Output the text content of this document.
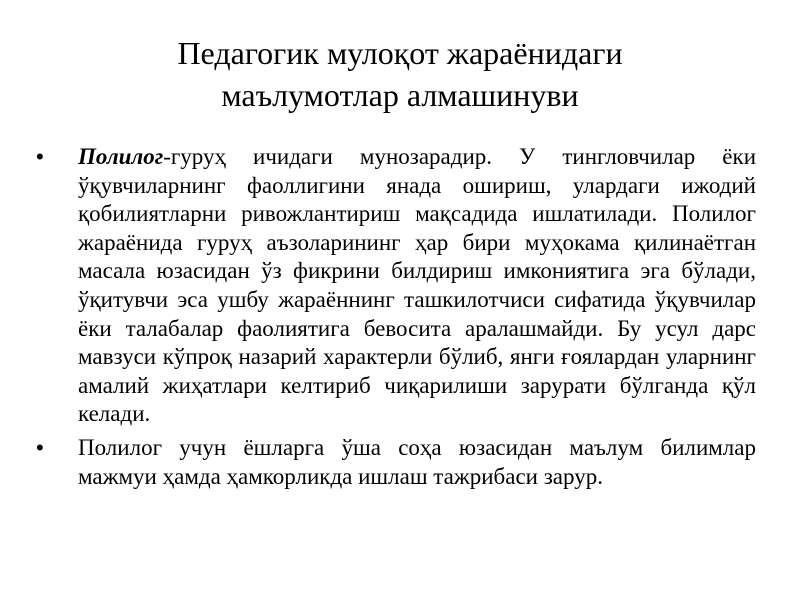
Педагогик мулоқот жараёнидаги
маълумотлар алмашинуви
• Полилог-гуруҳ ичидаги мунозарадир. У тингловчилар ёки ўқувчиларнинг фаоллигини янада ошириш, улардаги ижодий қобилиятларни ривожлантириш мақсадида ишлатилади. Полилог жараёнида гуруҳ аъзоларининг ҳар бири муҳокама қилинаётган масала юзасидан ўз фикрини билдириш имкониятига эга бўлади, ўқитувчи эса ушбу жараённинг ташкилотчиси сифатида ўқувчилар ёки талабалар фаолиятига бевосита аралашмайди. Бу усул дарс мавзуси кўпроқ назарий характерли бўлиб, янги ғоялардан уларнинг амалий жиҳатлари келтириб чиқарилиши зарурати бўлганда қўл келади.
• Полилог учун ёшларга ўша соҳа юзасидан маълум билимлар мажмуи ҳамда ҳамкорликда ишлаш тажрибаси зарур.
